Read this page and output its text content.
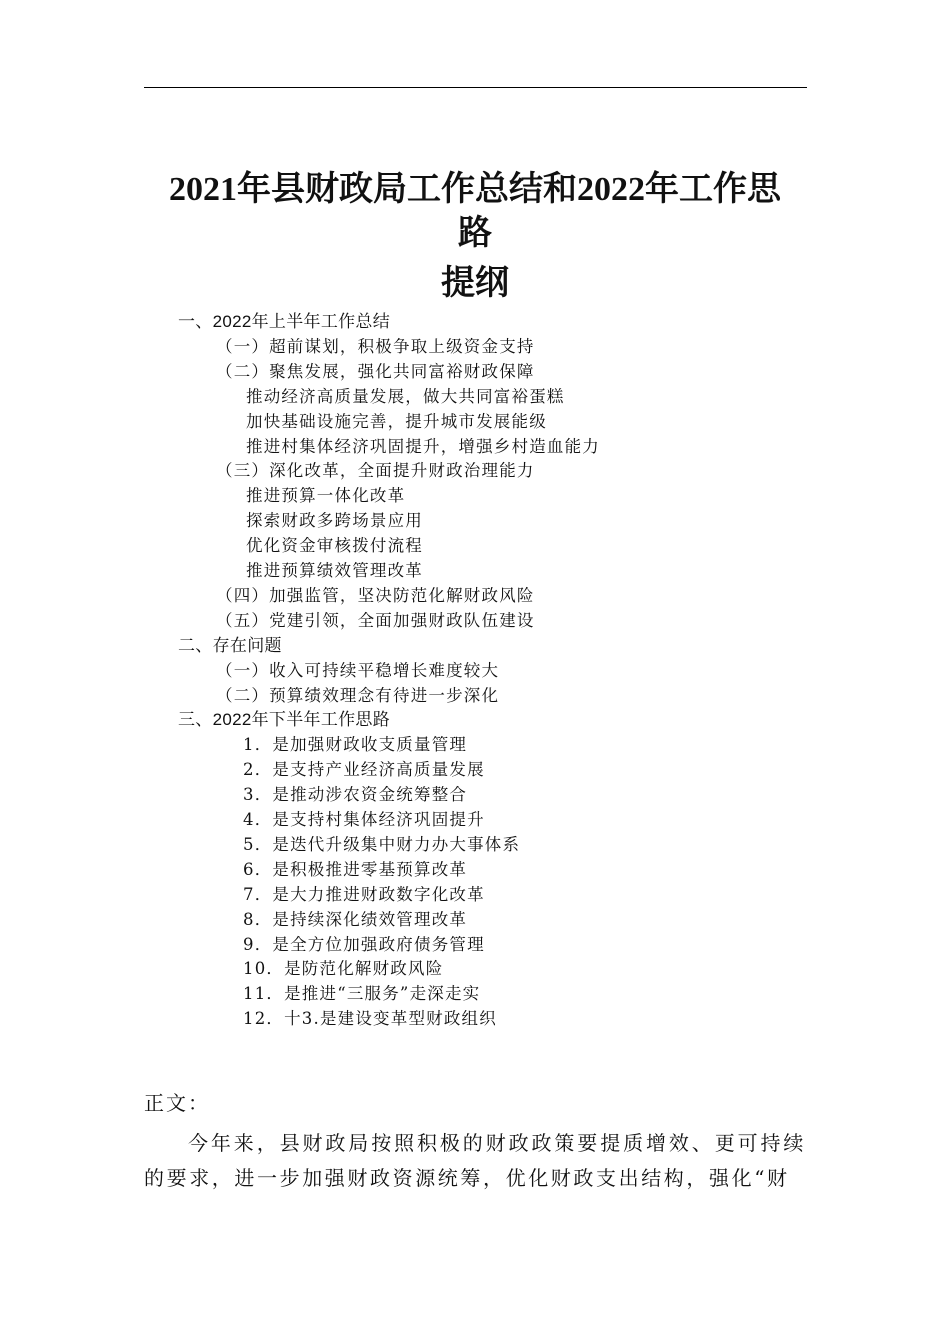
2021年县财政局工作总结和2022年工作思
路
提纲
一、2022年上半年工作总结
（一）超前谋划，积极争取上级资金支持
（二）聚焦发展，强化共同富裕财政保障
推动经济高质量发展，做大共同富裕蛋糕
加快基础设施完善，提升城市发展能级
推进村集体经济巩固提升，增强乡村造血能力
（三）深化改革，全面提升财政治理能力
推进预算一体化改革
探索财政多跨场景应用
优化资金审核拨付流程
推进预算绩效管理改革
（四）加强监管，坚决防范化解财政风险
（五）党建引领，全面加强财政队伍建设
二、存在问题
（一）收入可持续平稳增长难度较大
（二）预算绩效理念有待进一步深化
三、2022年下半年工作思路
1．是加强财政收支质量管理
2．是支持产业经济高质量发展
3．是推动涉农资金统筹整合
4．是支持村集体经济巩固提升
5．是迭代升级集中财力办大事体系
6．是积极推进零基预算改革
7．是大力推进财政数字化改革
8．是持续深化绩效管理改革
9．是全方位加强政府债务管理
10．是防范化解财政风险
11．是推进“三服务”走深走实
12．十3.是建设变革型财政组织
正文：

今年来，县财政局按照积极的财政政策要提质增效、更可持续的要求，进一步加强财政资源统筹，优化财政支出结构，强化“财
